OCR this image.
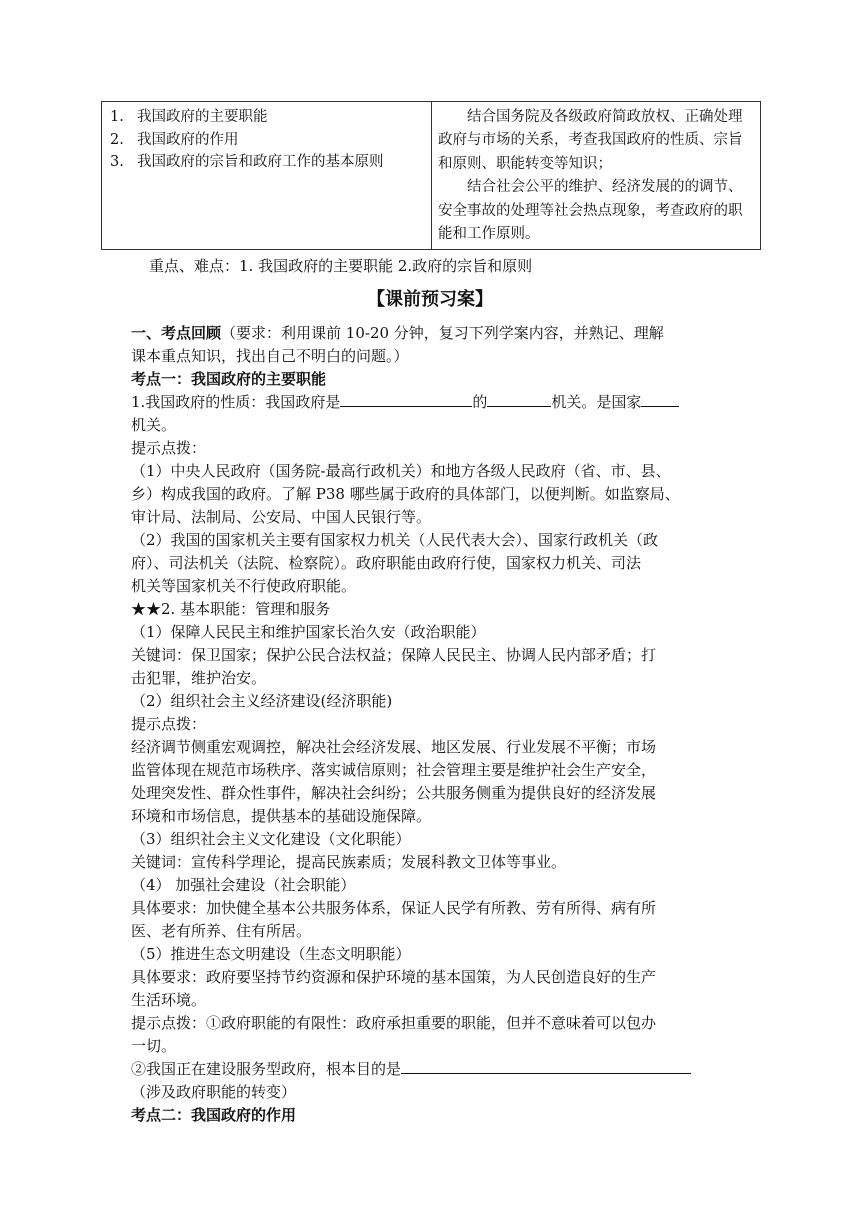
1. 我国政府的主要职能
2. 我国政府的作用
3. 我国政府的宗旨和政府工作的基本原则
结合国务院及各级政府简政放权、正确处理政府与市场的关系，考查我国政府的性质、宗旨和原则、职能转变等知识；
结合社会公平的维护、经济发展的的调节、安全事故的处理等社会热点现象，考查政府的职能和工作原则。
重点、难点：1. 我国政府的主要职能 2.政府的宗旨和原则
【课前预习案】
一、考点回顾（要求：利用课前 10-20 分钟，复习下列学案内容，并熟记、理解
课本重点知识，找出自己不明白的问题。）
考点一：我国政府的主要职能
1.我国政府的性质：我国政府是	的	机关。是国家
机关。
提示点拨：
（1）中央人民政府（国务院-最高行政机关）和地方各级人民政府（省、市、县、
乡）构成我国的政府。了解 P38 哪些属于政府的具体部门，以便判断。如监察局、
审计局、法制局、公安局、中国人民银行等。
（2）我国的国家机关主要有国家权力机关（人民代表大会）、国家行政机关（政
府）、司法机关（法院、检察院）。政府职能由政府行使，国家权力机关、司法
机关等国家机关不行使政府职能。
★★2. 基本职能：管理和服务
（1）保障人民民主和维护国家长治久安（政治职能）
关键词：保卫国家；保护公民合法权益；保障人民民主、协调人民内部矛盾；打
击犯罪，维护治安。
（2）组织社会主义经济建设(经济职能)
提示点拨：
经济调节侧重宏观调控，解决社会经济发展、地区发展、行业发展不平衡；市场
监管体现在规范市场秩序、落实诚信原则；社会管理主要是维护社会生产安全，
处理突发性、群众性事件，解决社会纠纷；公共服务侧重为提供良好的经济发展
环境和市场信息，提供基本的基础设施保障。
（3）组织社会主义文化建设（文化职能）
关键词：宣传科学理论，提高民族素质；发展科教文卫体等事业。
（4） 加强社会建设（社会职能）
具体要求：加快健全基本公共服务体系，保证人民学有所教、劳有所得、病有所
医、老有所养、住有所居。
（5）推进生态文明建设（生态文明职能）
具体要求：政府要坚持节约资源和保护环境的基本国策，为人民创造良好的生产
生活环境。
提示点拨：①政府职能的有限性：政府承担重要的职能，但并不意味着可以包办
一切。
②我国正在建设服务型政府，根本目的是
（涉及政府职能的转变）
考点二：我国政府的作用
